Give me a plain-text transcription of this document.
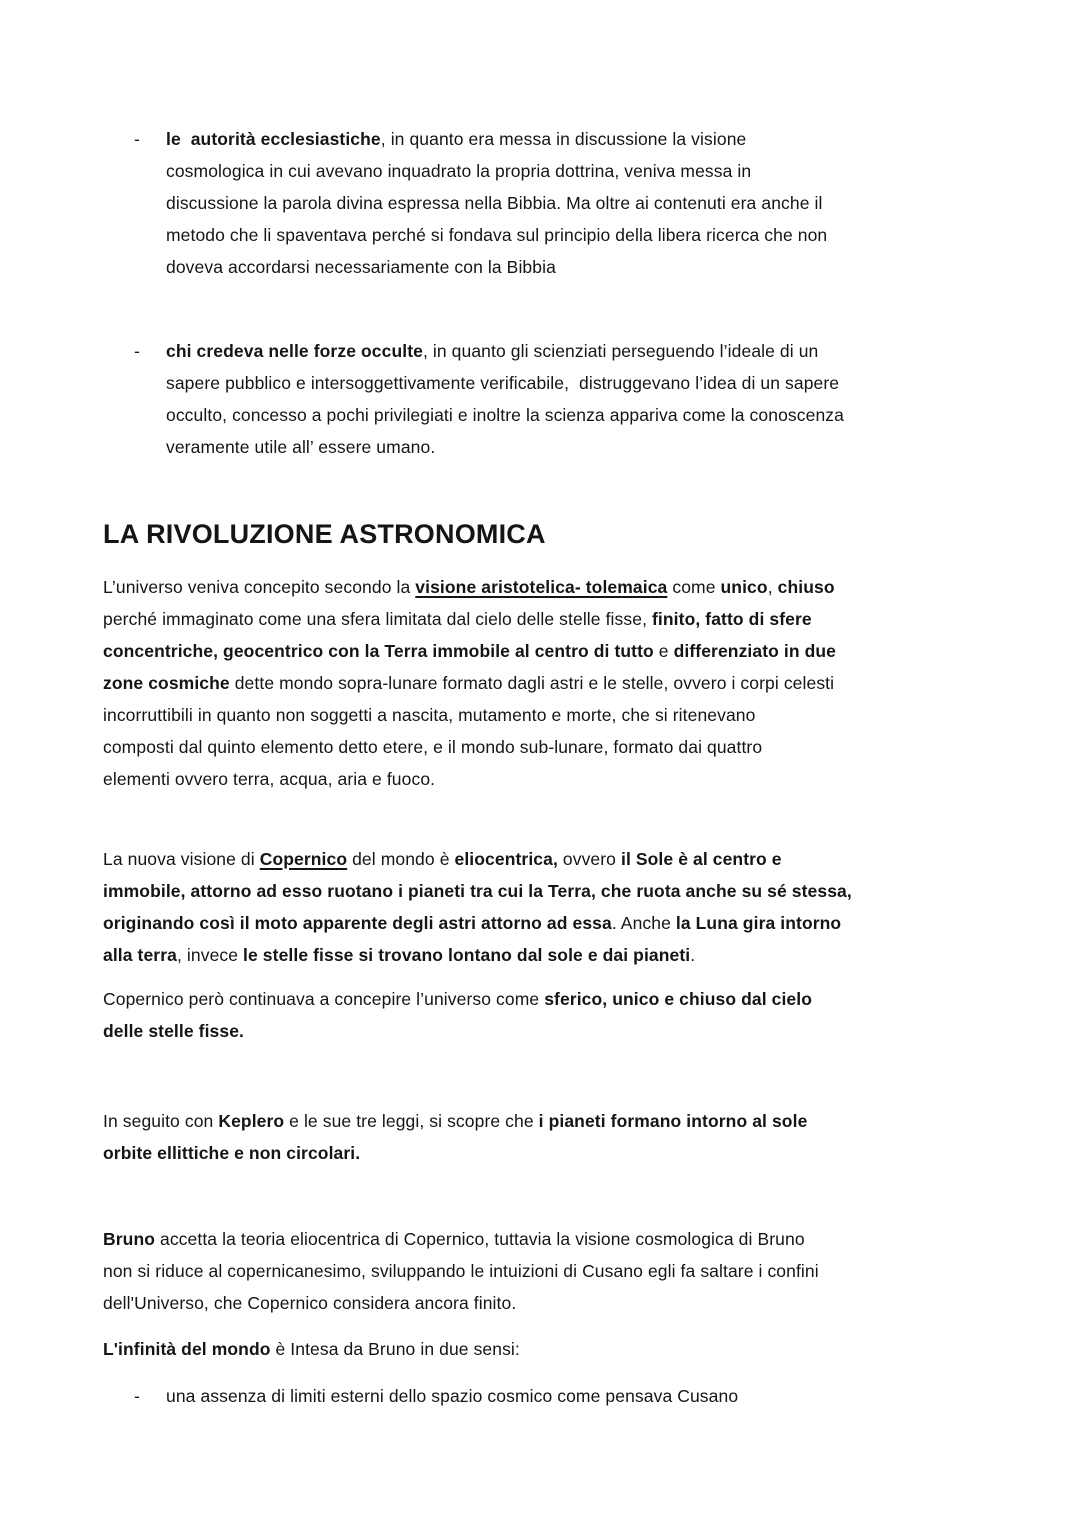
- le  autorità ecclesiastiche, in quanto era messa in discussione la visione
cosmologica in cui avevano inquadrato la propria dottrina, veniva messa in
discussione la parola divina espressa nella Bibbia. Ma oltre ai contenuti era anche il
metodo che li spaventava perché si fondava sul principio della libera ricerca che non
doveva accordarsi necessariamente con la Bibbia
- chi credeva nelle forze occulte, in quanto gli scienziati perseguendo l’ideale di un
sapere pubblico e intersoggettivamente verificabile,  distruggevano l’idea di un sapere
occulto, concesso a pochi privilegiati e inoltre la scienza appariva come la conoscenza
veramente utile all’ essere umano.
LA RIVOLUZIONE ASTRONOMICA
L’universo veniva concepito secondo la visione aristotelica- tolemaica come unico, chiuso
perché immaginato come una sfera limitata dal cielo delle stelle fisse, finito, fatto di sfere
concentriche, geocentrico con la Terra immobile al centro di tutto e differenziato in due
zone cosmiche dette mondo sopra-lunare formato dagli astri e le stelle, ovvero i corpi celesti
incorruttibili in quanto non soggetti a nascita, mutamento e morte, che si ritenevano
composti dal quinto elemento detto etere, e il mondo sub-lunare, formato dai quattro
elementi ovvero terra, acqua, aria e fuoco.
La nuova visione di Copernico del mondo è eliocentrica, ovvero il Sole è al centro e
immobile, attorno ad esso ruotano i pianeti tra cui la Terra, che ruota anche su sé stessa,
originando così il moto apparente degli astri attorno ad essa. Anche la Luna gira intorno
alla terra, invece le stelle fisse si trovano lontano dal sole e dai pianeti.
Copernico però continuava a concepire l’universo come sferico, unico e chiuso dal cielo
delle stelle fisse.
In seguito con Keplero e le sue tre leggi, si scopre che i pianeti formano intorno al sole
orbite ellittiche e non circolari.
Bruno accetta la teoria eliocentrica di Copernico, tuttavia la visione cosmologica di Bruno
non si riduce al copernicanesimo, sviluppando le intuizioni di Cusano egli fa saltare i confini
dell'Universo, che Copernico considera ancora finito.
L'infinità del mondo è Intesa da Bruno in due sensi:
- una assenza di limiti esterni dello spazio cosmico come pensava Cusano
